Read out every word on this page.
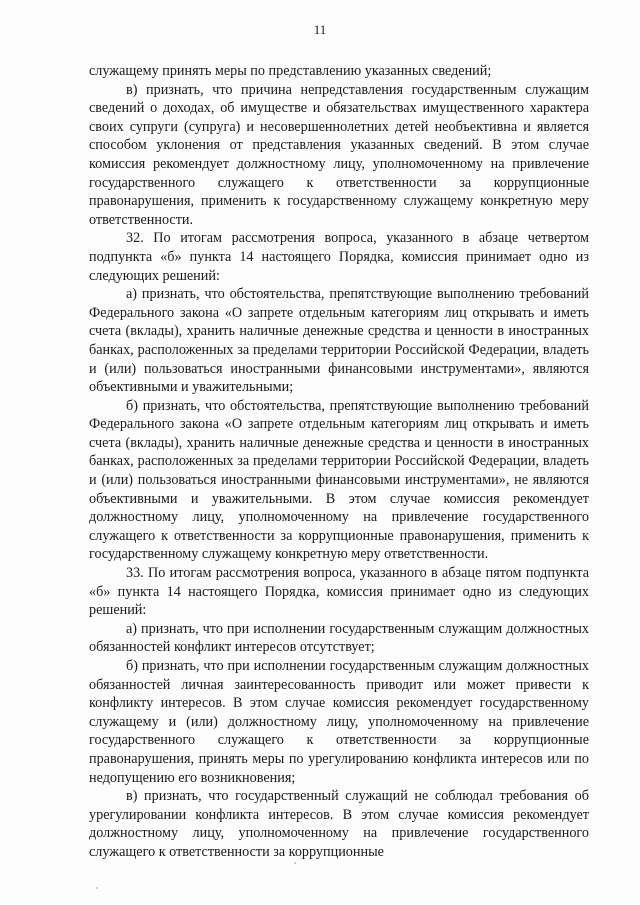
11

служащему принять меры по представлению указанных сведений;

в) признать, что причина непредставления государственным служащим сведений о доходах, об имуществе и обязательствах имущественного характера своих супруги (супруга) и несовершеннолетних детей необъективна и является способом уклонения от представления указанных сведений. В этом случае комиссия рекомендует должностному лицу, уполномоченному на привлечение государственного служащего к ответственности за коррупционные правонарушения, применить к государственному служащему конкретную меру ответственности.

32. По итогам рассмотрения вопроса, указанного в абзаце четвертом подпункта «б» пункта 14 настоящего Порядка, комиссия принимает одно из следующих решений:

а) признать, что обстоятельства, препятствующие выполнению требований Федерального закона «О запрете отдельным категориям лиц открывать и иметь счета (вклады), хранить наличные денежные средства и ценности в иностранных банках, расположенных за пределами территории Российской Федерации, владеть и (или) пользоваться иностранными финансовыми инструментами», являются объективными и уважительными;

б) признать, что обстоятельства, препятствующие выполнению требований Федерального закона «О запрете отдельным категориям лиц открывать и иметь счета (вклады), хранить наличные денежные средства и ценности в иностранных банках, расположенных за пределами территории Российской Федерации, владеть и (или) пользоваться иностранными финансовыми инструментами», не являются объективными и уважительными. В этом случае комиссия рекомендует должностному лицу, уполномоченному на привлечение государственного служащего к ответственности за коррупционные правонарушения, применить к государственному служащему конкретную меру ответственности.

33. По итогам рассмотрения вопроса, указанного в абзаце пятом подпункта «б» пункта 14 настоящего Порядка, комиссия принимает одно из следующих решений:

а) признать, что при исполнении государственным служащим должностных обязанностей конфликт интересов отсутствует;

б) признать, что при исполнении государственным служащим должностных обязанностей личная заинтересованность приводит или может привести к конфликту интересов. В этом случае комиссия рекомендует государственному служащему и (или) должностному лицу, уполномоченному на привлечение государственного служащего к ответственности за коррупционные правонарушения, принять меры по урегулированию конфликта интересов или по недопущению его возникновения;

в) признать, что государственный служащий не соблюдал требования об урегулировании конфликта интересов. В этом случае комиссия рекомендует должностному лицу, уполномоченному на привлечение государственного служащего к ответственности за коррупционные
